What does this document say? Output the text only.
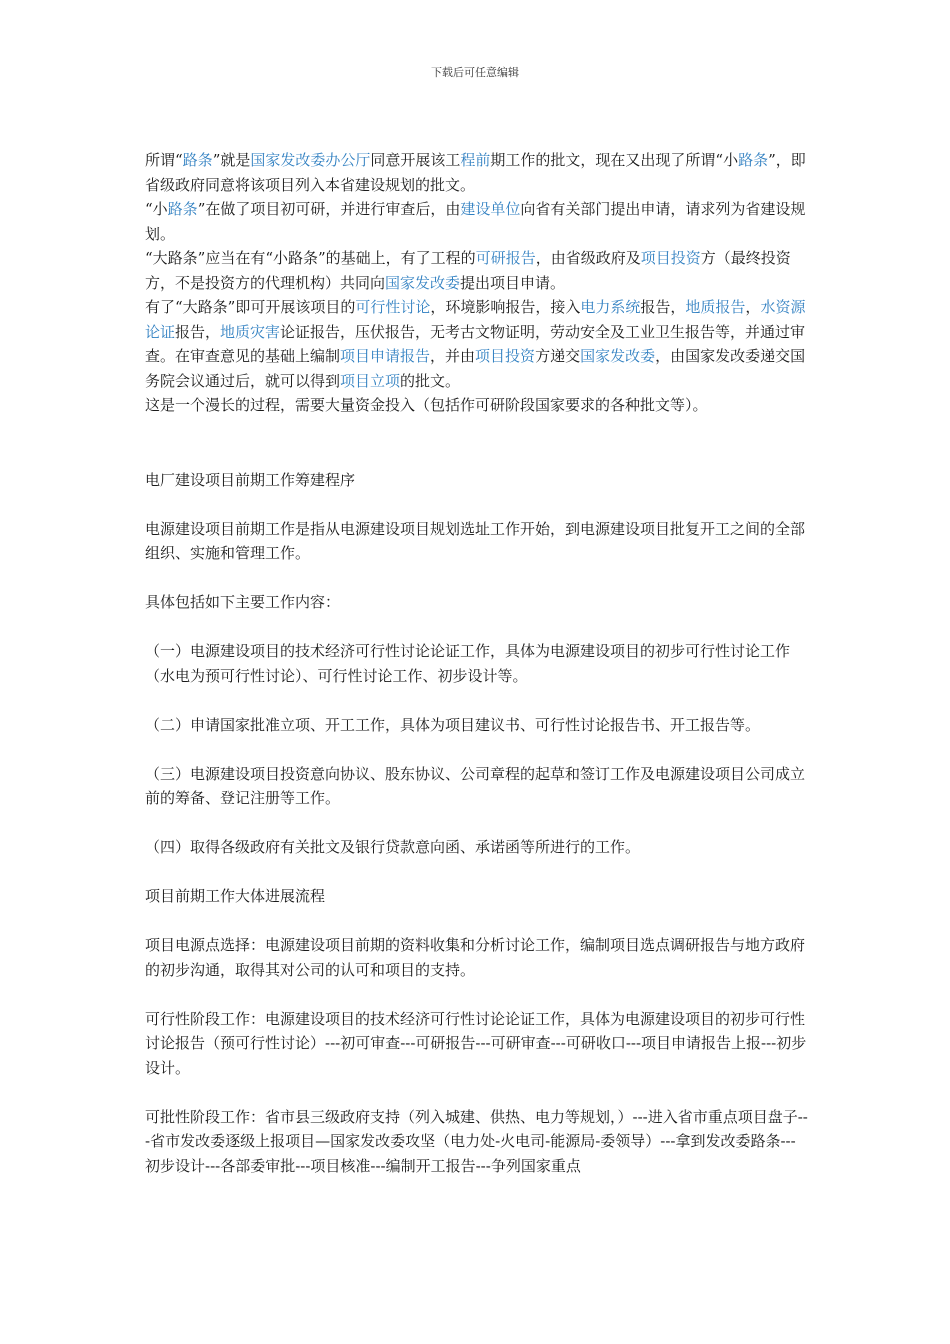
下载后可任意编辑

所谓“路条”就是国家发改委办公厅同意开展该工程前期工作的批文，现在又出现了所谓“小路条”，即省级政府同意将该项目列入本省建设规划的批文。

“小路条”在做了项目初可研，并进行审查后，由建设单位向省有关部门提出申请，请求列为省建设规划。

“大路条”应当在有“小路条”的基础上，有了工程的可研报告，由省级政府及项目投资方（最终投资方，不是投资方的代理机构）共同向国家发改委提出项目申请。

有了“大路条”即可开展该项目的可行性讨论，环境影响报告，接入电力系统报告，地质报告，水资源论证报告，地质灾害论证报告，压伏报告，无考古文物证明，劳动安全及工业卫生报告等，并通过审查。在审查意见的基础上编制项目申请报告，并由项目投资方递交国家发改委，由国家发改委递交国务院会议通过后，就可以得到项目立项的批文。

这是一个漫长的过程，需要大量资金投入（包括作可研阶段国家要求的各种批文等）。

电厂建设项目前期工作筹建程序

电源建设项目前期工作是指从电源建设项目规划选址工作开始，到电源建设项目批复开工之间的全部组织、实施和管理工作。

具体包括如下主要工作内容：

（一）电源建设项目的技术经济可行性讨论论证工作，具体为电源建设项目的初步可行性讨论工作（水电为预可行性讨论）、可行性讨论工作、初步设计等。

（二）申请国家批准立项、开工工作，具体为项目建议书、可行性讨论报告书、开工报告等。

（三）电源建设项目投资意向协议、股东协议、公司章程的起草和签订工作及电源建设项目公司成立前的筹备、登记注册等工作。

（四）取得各级政府有关批文及银行贷款意向函、承诺函等所进行的工作。

项目前期工作大体进展流程

项目电源点选择：电源建设项目前期的资料收集和分析讨论工作，编制项目选点调研报告与地方政府的初步沟通，取得其对公司的认可和项目的支持。

可行性阶段工作：电源建设项目的技术经济可行性讨论论证工作，具体为电源建设项目的初步可行性讨论报告（预可行性讨论）---初可审查---可研报告---可研审查---可研收口---项目申请报告上报---初步设计。

可批性阶段工作：省市县三级政府支持（列入城建、供热、电力等规划，）---进入省市重点项目盘子---省市发改委逐级上报项目—国家发改委攻坚（电力处-火电司-能源局-委领导）---拿到发改委路条---初步设计---各部委审批---项目核准---编制开工报告---争列国家重点
